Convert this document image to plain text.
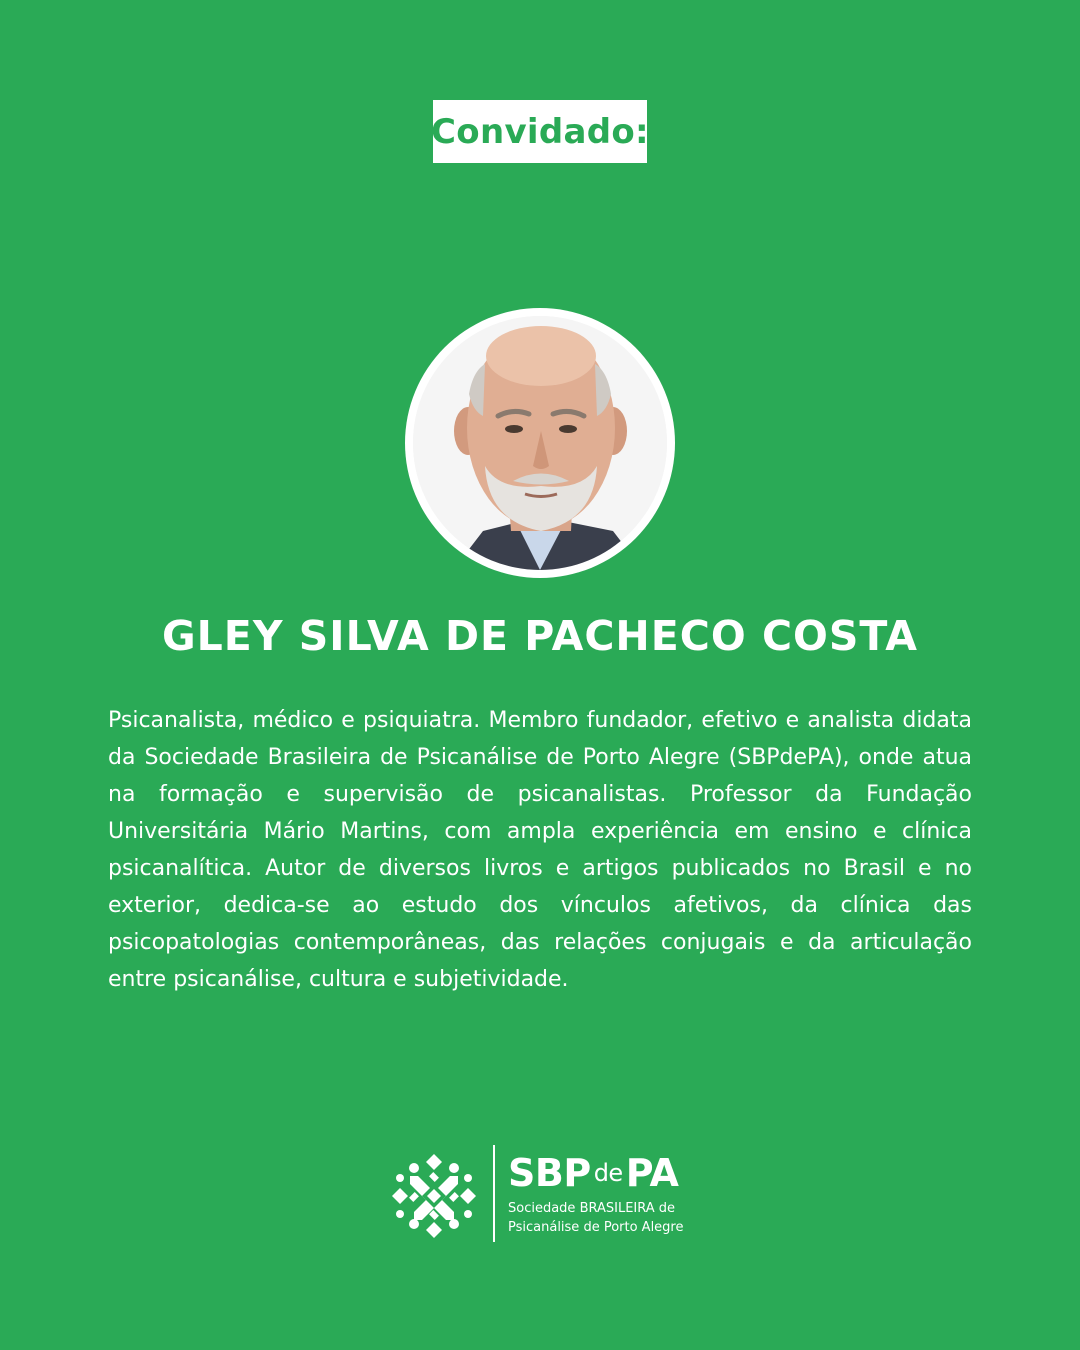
Convidado:
GLEY SILVA DE PACHECO COSTA
Psicanalista, médico e psiquiatra. Membro fundador, efetivo e analista didata da Sociedade Brasileira de Psicanálise de Porto Alegre (SBPdePA), onde atua na formação e supervisão de psicanalistas. Professor da Fundação Universitária Mário Martins, com ampla experiência em ensino e clínica psicanalítica. Autor de diversos livros e artigos publicados no Brasil e no exterior, dedica-se ao estudo dos vínculos afetivos, da clínica das psicopatologias contemporâneas, das relações conjugais e da articulação entre psicanálise, cultura e subjetividade.
SBP dePA
Sociedade BRASILEIRA de
Psicanálise de Porto Alegre
